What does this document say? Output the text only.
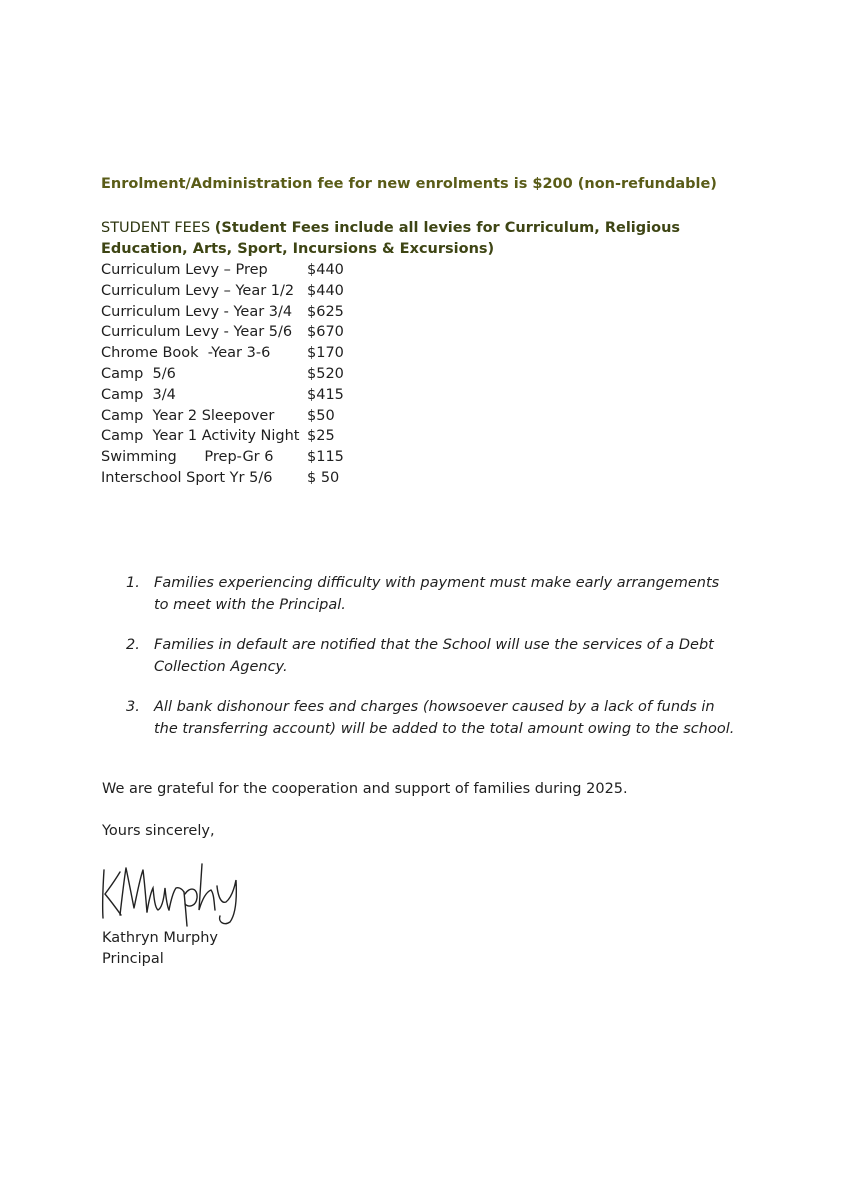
Enrolment/Administration fee for new enrolments is $200 (non-refundable)
STUDENT FEES (Student Fees include all levies for Curriculum, Religious Education, Arts, Sport, Incursions & Excursions)
Curriculum Levy – Prep	$440
Curriculum Levy – Year 1/2 $440
Curriculum Levy - Year 3/4 $625
Curriculum Levy - Year 5/6 $670
Chrome Book  -Year 3-6	$170
Camp  5/6	$520
Camp  3/4	$415
Camp  Year 2 Sleepover $50
Camp  Year 1 Activity Night $25
Swimming      Prep-Gr 6 $115
Interschool Sport Yr 5/6 $ 50
1. Families experiencing difficulty with payment must make early arrangements to meet with the Principal.
2. Families in default are notified that the School will use the services of a Debt Collection Agency.
3. All bank dishonour fees and charges (howsoever caused by a lack of funds in the transferring account) will be added to the total amount owing to the school.
We are grateful for the cooperation and support of families during 2025.
Yours sincerely,
Kathryn Murphy
Principal
